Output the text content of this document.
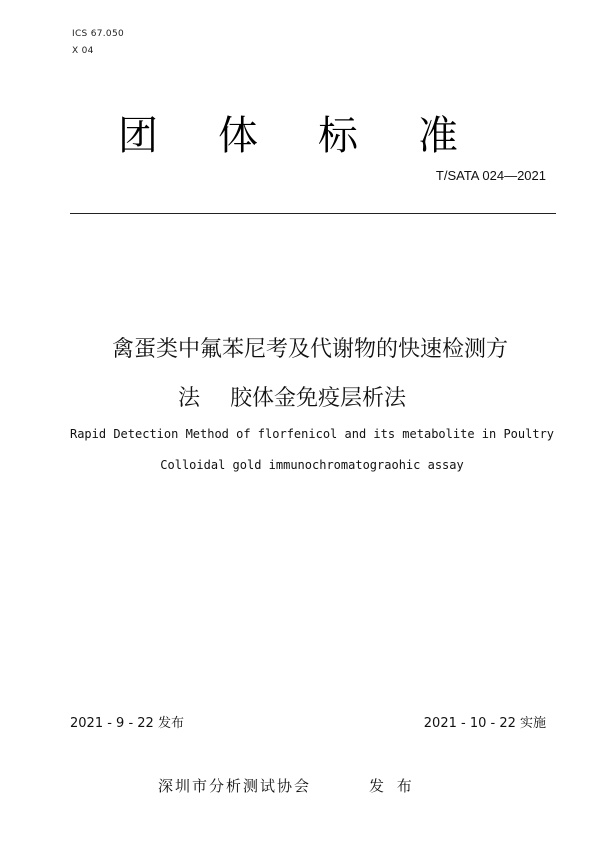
ICS 67.050
X 04
团	体	标	准
T/SATA 024—2021
禽蛋类中氟苯尼考及代谢物的快速检测方
法 胶体金免疫层析法
Rapid Detection Method of florfenicol and its metabolite in Poultry
Colloidal gold immunochromatograohic assay
2021 - 9 - 22 发布	2021 - 10 - 22 实施
深圳市分析测试协会	发 布
